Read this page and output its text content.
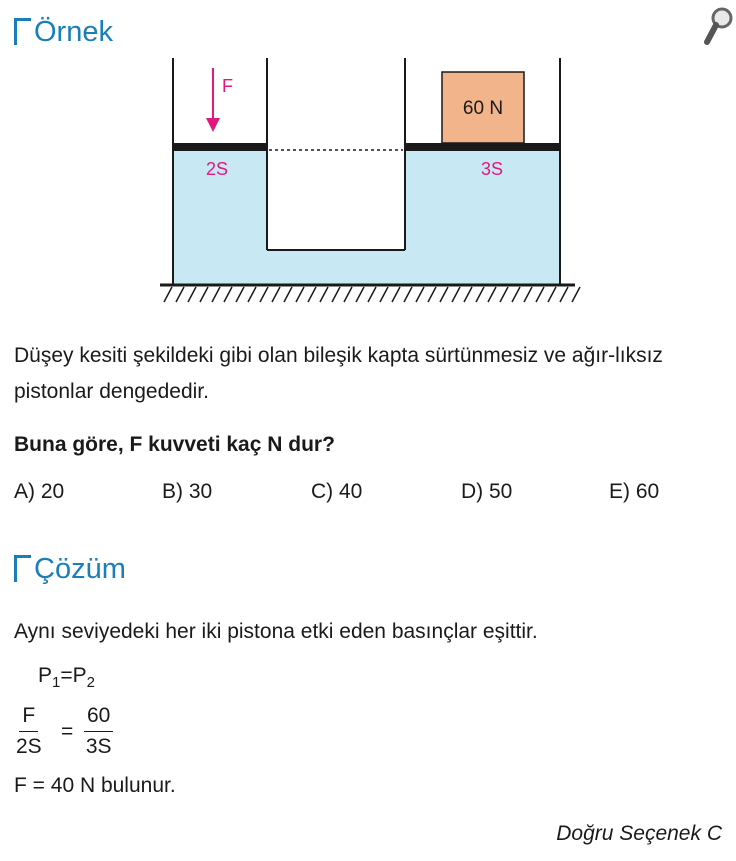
Örnek
60 N
F
2S	3S
Düşey kesiti şekildeki gibi olan bileşik kapta sürtünmesiz ve ağır-lıksız pistonlar dengededir.
Buna göre, F kuvveti kaç N dur?
A) 20	B) 30	C) 40	D) 50	E) 60
Çözüm
Aynı seviyedeki her iki pistona etki eden basınçlar eşittir.
$P_1=P_2$
$\frac{F}{2S} = \frac{60}{3S}$
F = 40 N bulunur.
Doğru Seçenek C
